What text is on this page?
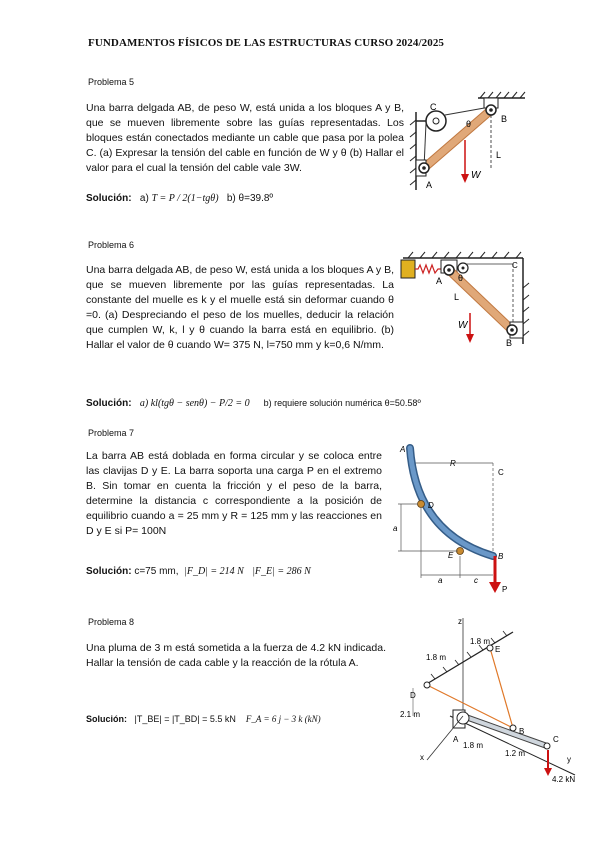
FUNDAMENTOS FÍSICOS DE LAS ESTRUCTURAS CURSO 2024/2025
Problema 5
Una barra delgada AB, de peso W, está unida a los bloques A y B, que se mueven libremente sobre las guías representadas. Los bloques están conectados mediante un cable que pasa por la polea C. (a) Expresar la tensión del cable en función de W y θ (b) Hallar el valor para el cual la tensión del cable vale 3W.
Solución: a) T = P / 2(1−tgθ) b) θ=39.8º
C
B
A
θ
L
W
Problema 6
Una barra delgada AB, de peso W, está unida a los bloques A y B, que se mueven libremente por las guías representadas. La constante del muelle es k y el muelle está sin deformar cuando θ =0. (a) Despreciando el peso de los muelles, deducir la relación que cumplen W, k, l y θ cuando la barra está en equilibrio. (b) Hallar el valor de θ cuando W= 375 N, l=750 mm y k=0,6 N/mm.
Solución: a) kl(tgθ − senθ) − P/2 = 0 b) requiere solución numérica θ=50.58º
C
A θ
L
W
B
Problema 7
La barra AB está doblada en forma circular y se coloca entre las clavijas D y E. La barra soporta una carga P en el extremo B. Sin tomar en cuenta la fricción y el peso de la barra, determine la distancia c correspondiente a la posición de equilibrio cuando a = 25 mm y R = 125 mm y las reacciones en D y E si P= 100N
Solución: c=75 mm, |F_D| = 214 N |F_E| = 286 N
A
R
C
D
a
E	B
a	c
P
Problema 8
Una pluma de 3 m está sometida a la fuerza de 4.2 kN indicada. Hallar la tensión de cada cable y la reacción de la rótula A.
Solución: |T_BE| = |T_BD| = 5.5 kN F_A = 6 j − 3 k (kN)
z
1.8 m
E
1.8 m
D
2.1 m
A
B
1.8 m
C
1.2 m
y
x
4.2 kN
